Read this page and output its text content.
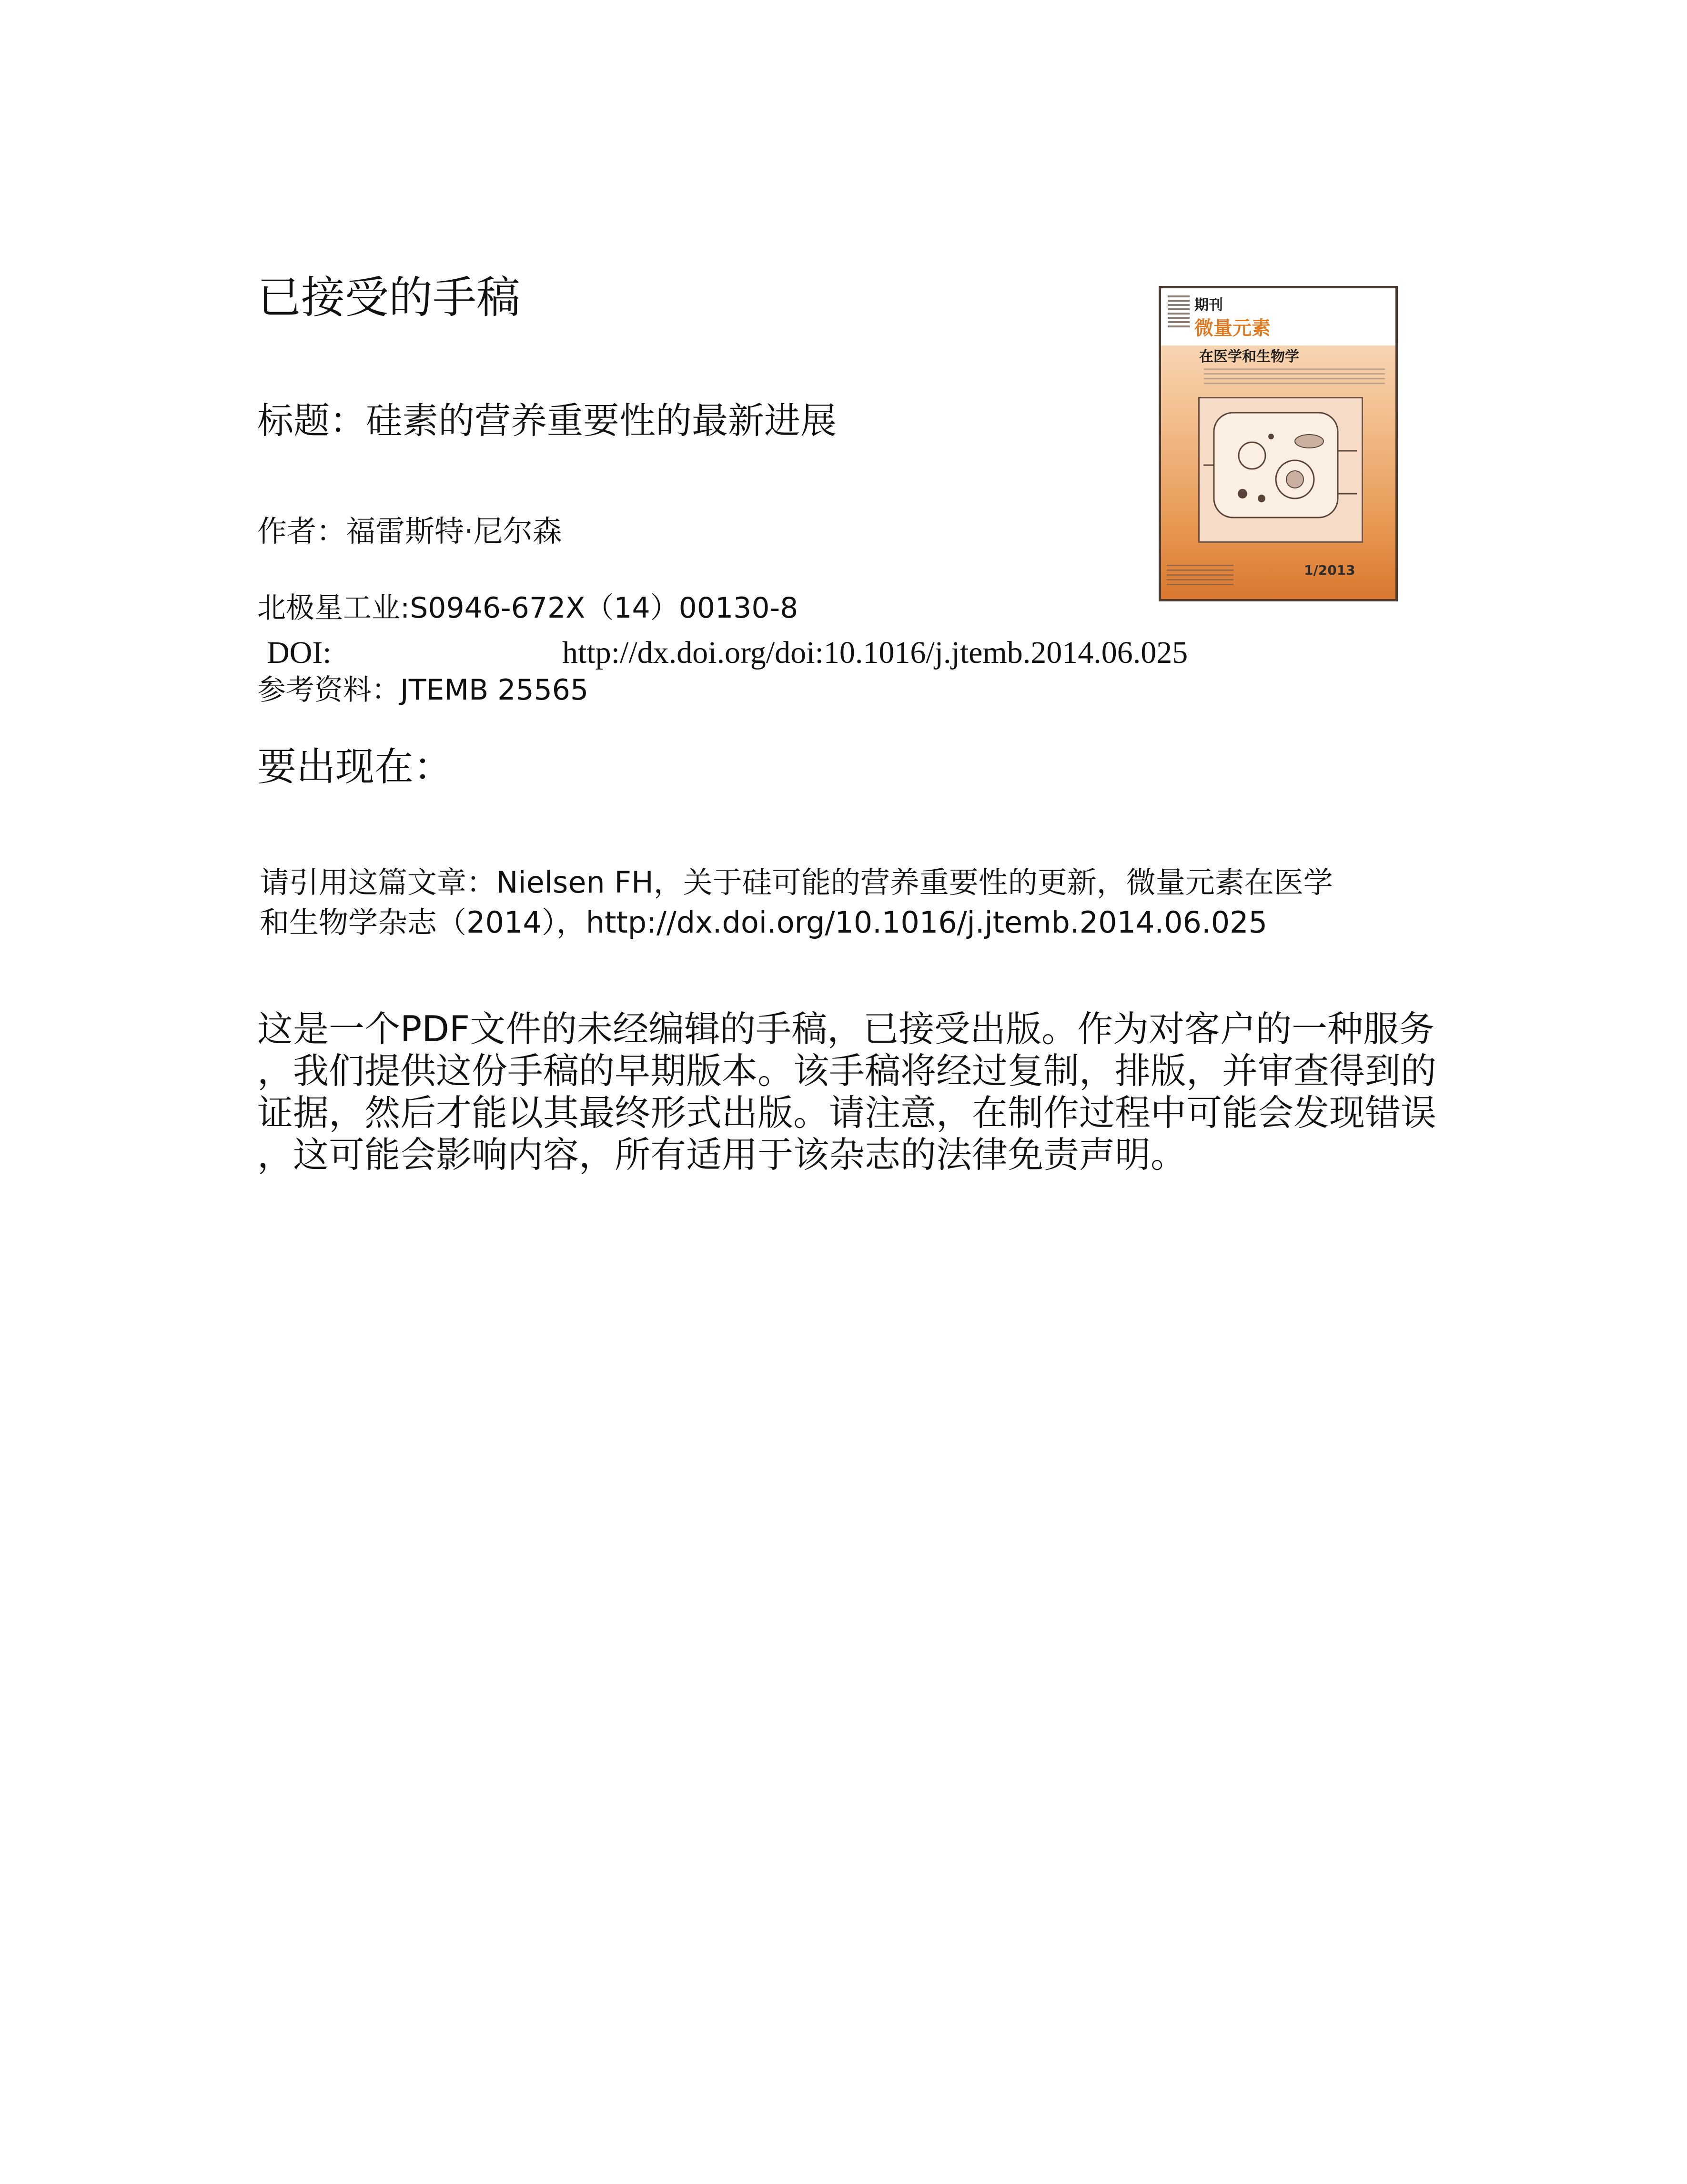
已接受的手稿
标题：硅素的营养重要性的最新进展
作者：福雷斯特·尼尔森
北极星工业:S0946-672X（14）00130-8
DOI:	http://dx.doi.org/doi:10.1016/j.jtemb.2014.06.025
参考资料：JTEMB 25565
要出现在：
请引用这篇文章：Nielsen FH，关于硅可能的营养重要性的更新，微量元素在医学
和生物学杂志（2014），http://dx.doi.org/10.1016/j.jtemb.2014.06.025
这是一个PDF文件的未经编辑的手稿，已接受出版。作为对客户的一种服务
，我们提供这份手稿的早期版本。该手稿将经过复制，排版，并审查得到的
证据，然后才能以其最终形式出版。请注意，在制作过程中可能会发现错误
，这可能会影响内容，所有适用于该杂志的法律免责声明。
期刊
微量元素
在医学和生物学
1/2013
